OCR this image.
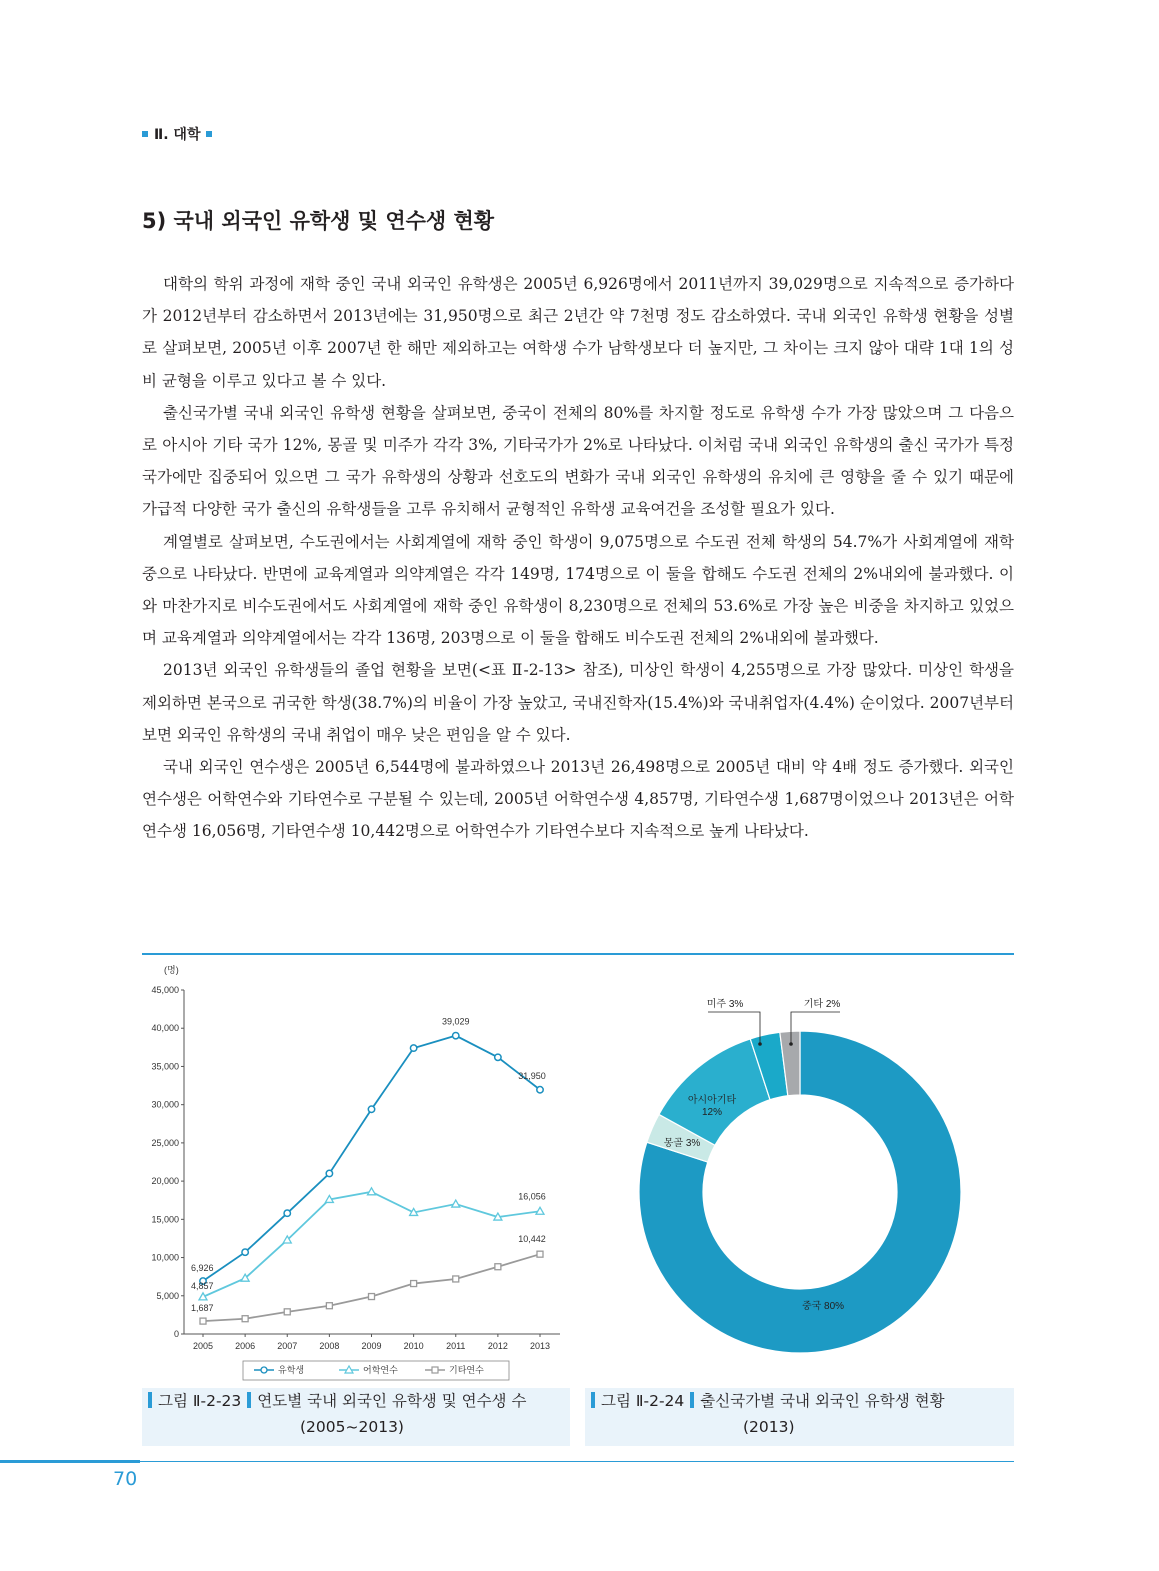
Ⅱ. 대학
5) 국내 외국인 유학생 및 연수생 현황

대학의 학위 과정에 재학 중인 국내 외국인 유학생은 2005년 6,926명에서 2011년까지 39,029명으로 지속적으로 증가하다가 2012년부터 감소하면서 2013년에는 31,950명으로 최근 2년간 약 7천명 정도 감소하였다. 국내 외국인 유학생 현황을 성별로 살펴보면, 2005년 이후 2007년 한 해만 제외하고는 여학생 수가 남학생보다 더 높지만, 그 차이는 크지 않아 대략 1대 1의 성비 균형을 이루고 있다고 볼 수 있다.

출신국가별 국내 외국인 유학생 현황을 살펴보면, 중국이 전체의 80%를 차지할 정도로 유학생 수가 가장 많았으며 그 다음으로 아시아 기타 국가 12%, 몽골 및 미주가 각각 3%, 기타국가가 2%로 나타났다. 이처럼 국내 외국인 유학생의 출신 국가가 특정 국가에만 집중되어 있으면 그 국가 유학생의 상황과 선호도의 변화가 국내 외국인 유학생의 유치에 큰 영향을 줄 수 있기 때문에 가급적 다양한 국가 출신의 유학생들을 고루 유치해서 균형적인 유학생 교육여건을 조성할 필요가 있다.

계열별로 살펴보면, 수도권에서는 사회계열에 재학 중인 학생이 9,075명으로 수도권 전체 학생의 54.7%가 사회계열에 재학 중으로 나타났다. 반면에 교육계열과 의약계열은 각각 149명, 174명으로 이 둘을 합해도 수도권 전체의 2%내외에 불과했다. 이와 마찬가지로 비수도권에서도 사회계열에 재학 중인 유학생이 8,230명으로 전체의 53.6%로 가장 높은 비중을 차지하고 있었으며 교육계열과 의약계열에서는 각각 136명, 203명으로 이 둘을 합해도 비수도권 전체의 2%내외에 불과했다.

2013년 외국인 유학생들의 졸업 현황을 보면(<표 Ⅱ-2-13> 참조), 미상인 학생이 4,255명으로 가장 많았다. 미상인 학생을 제외하면 본국으로 귀국한 학생(38.7%)의 비율이 가장 높았고, 국내진학자(15.4%)와 국내취업자(4.4%) 순이었다. 2007년부터 보면 외국인 유학생의 국내 취업이 매우 낮은 편임을 알 수 있다.

국내 외국인 연수생은 2005년 6,544명에 불과하였으나 2013년 26,498명으로 2005년 대비 약 4배 정도 증가했다. 외국인 연수생은 어학연수와 기타연수로 구분될 수 있는데, 2005년 어학연수생 4,857명, 기타연수생 1,687명이었으나 2013년은 어학연수생 16,056명, 기타연수생 10,442명으로 어학연수가 기타연수보다 지속적으로 높게 나타났다.

(명)
0
5,000
10,000
15,000
20,000
25,000
30,000
35,000
40,000
45,000
2005 2006 2007 2008 2009 2010 2011 2012 2013
6,926
39,029
31,950
4,857
16,056
1,687
10,442
유학생	어학연수	기타연수
중국 80%
몽골 3%
아시아기타
12%
미주 3%	기타 2%
그림 Ⅱ-2-23 연도별 국내 외국인 유학생 및 연수생 수
(2005~2013)
그림 Ⅱ-2-24 출신국가별 국내 외국인 유학생 현황
(2013)
70
